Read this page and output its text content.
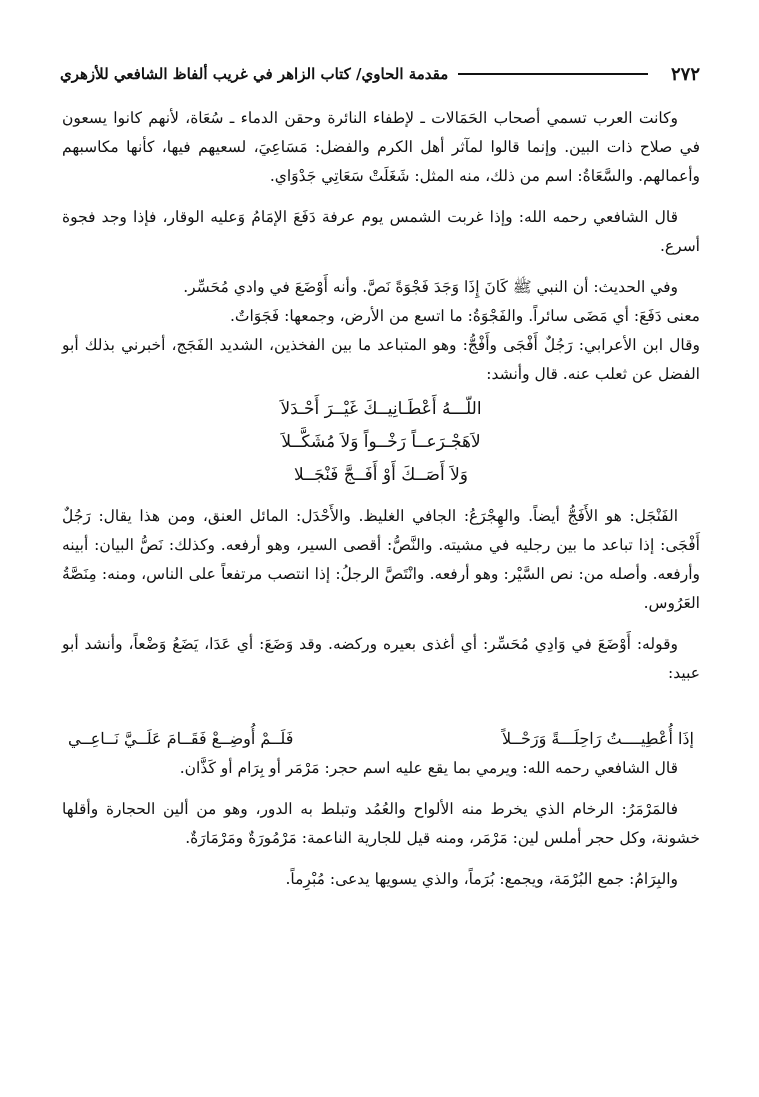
٢٧٢
مقدمة الحاوي/ كتاب الزاهر في غريب ألفاظ الشافعي للأزهري

وكانت العرب تسمي أصحاب الحَمَالات ـ لإطفاء النائرة وحقن الدماء ـ سُعَاة، لأنهم كانوا يسعون في صلاح ذات البين. وإنما قالوا لمآثر أهل الكرم والفضل: مَسَاعِيَ، لسعيهم فيها، كأنها مكاسبهم وأعمالهم. والسَّعَاةُ: اسم من ذلك، منه المثل: شَغَلَتْ سَعَاتِي جَدْوَاي.

قال الشافعي رحمه الله: وإذا غربت الشمس يوم عرفة دَفَعَ الإمَامُ وَعليه الوقار، فإذا وجد فجوة أسرع.

وفي الحديث: أن النبي ﷺ كَانَ إِذَا وَجَدَ فَجْوَةً نَصَّ. وأنه أَوْضَعَ في وادي مُحَسِّر.

معنى دَفَعَ: أي مَضَى سائراً. والفَجْوَةُ: ما اتسع من الأرض، وجمعها: فَجَوَاتٌ.

وقال ابن الأعرابي: رَجُلٌ أَفْجَى وأَفْجُّ: وهو المتباعد ما بين الفخذين، الشديد الفَجَج، أخبرني بذلك أبو الفضل عن ثعلب عنه. قال وأنشد:

اللّـــهُ أَعْطَـانِيــكَ غَيْــرَ أَحْـدَلاَ
لاَهَجْـرَعــاً رَخْــواً وَلاَ مُشَكَّــلاَ
وَلاَ أَصَــكَ أَوْ أَفَــجَّ فَنْجَــلا

الفَنْجَل: هو الأَفَجُّ أيضاً. والهِجْرَعُ: الجافي الغليظ. والأَحْدَل: المائل العنق، ومن هذا يقال: رَجُلٌ أَفْجَى: إذا تباعد ما بين رجليه في مشيته. والنَّصُّ: أقصى السير، وهو أرفعه. وكذلك: نَصُّ البيان: أبينه وأرفعه. وأصله من: نص السَّيْر: وهو أرفعه. وانْتَصَّ الرجلُ: إذا انتصب مرتفعاً على الناس، ومنه: مِنَصَّةُ العَرُوس.

وقوله: أَوْضَعَ في وَادِي مُحَسِّر: أي أغذى بعيره وركضه. وقد وَضَعَ: أي عَدَا، يَضَعُ وَضْعاً، وأنشد أبو عبيد:

إذَا أُعْطِيــــتُ رَاحِلَـــةً وَرَحْــلاً
فَلَــمْ أُوضِــعْ فَقَــامَ عَلَــيَّ نَــاعِــي

قال الشافعي رحمه الله: ويرمي بما يقع عليه اسم حجر: مَرْمَر أو بِرَام أو كَذَّان.

فالمَرْمَرُ: الرخام الذي يخرط منه الألواح والعُمُد وتبلط به الدور، وهو من ألين الحجارة وأقلها خشونة، وكل حجر أملس لين: مَرْمَر، ومنه قيل للجارية الناعمة: مَرْمُورَةٌ ومَرْمَارَةٌ.

والبِرَامُ: جمع البُرْمَة، ويجمع: بُرَماً، والذي يسويها يدعى: مُبْرِماً.
